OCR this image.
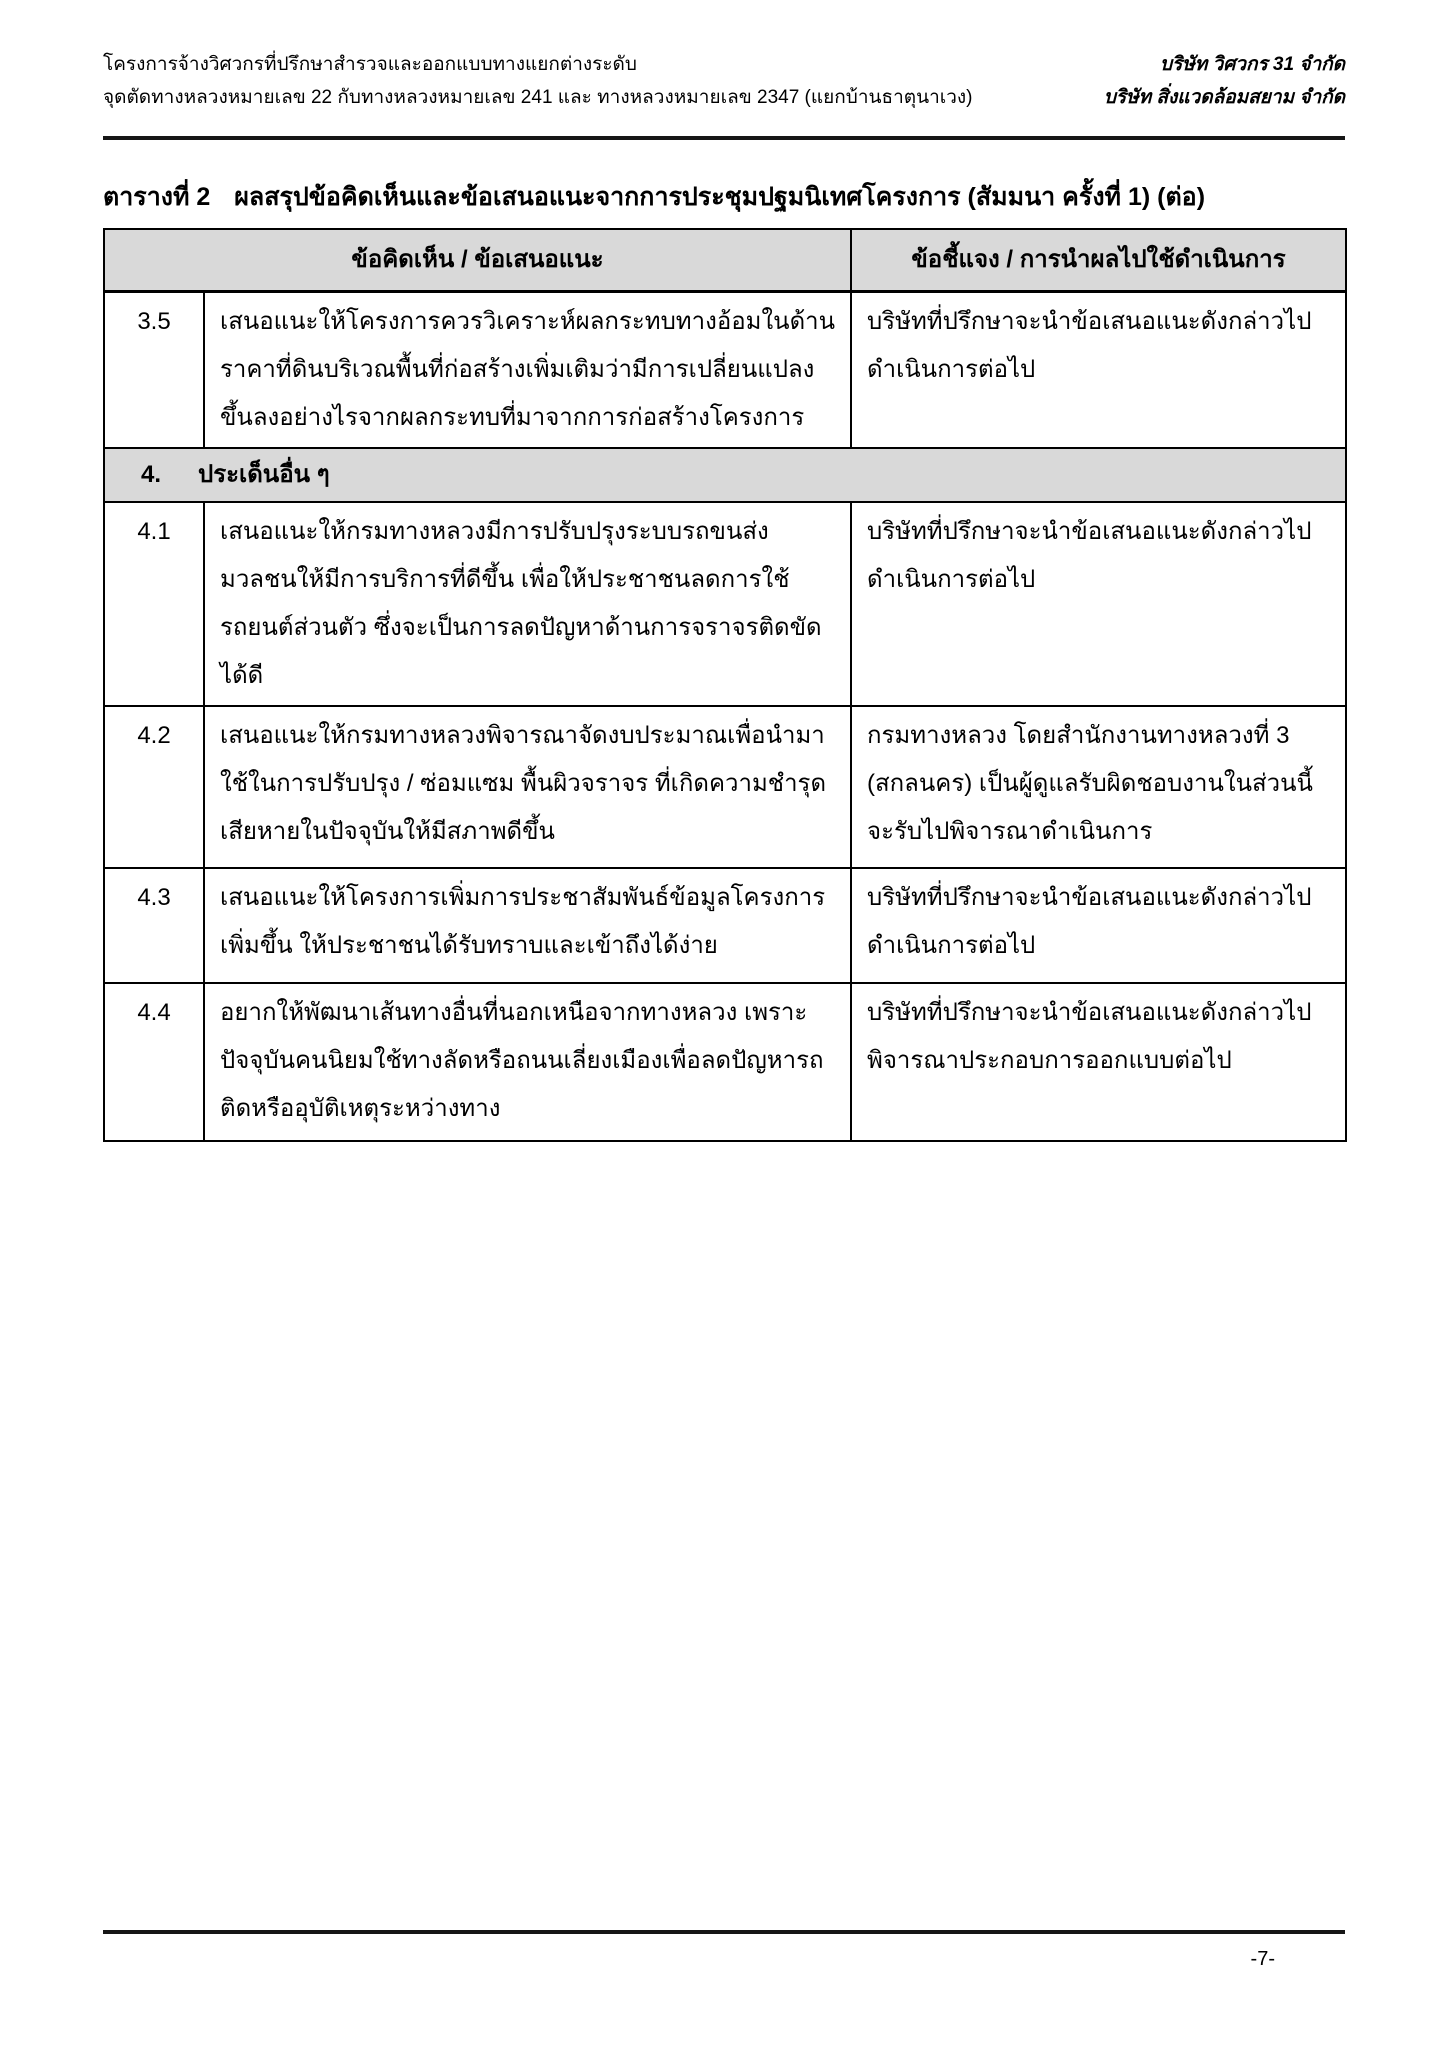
โครงการจ้างวิศวกรที่ปรึกษาสำรวจและออกแบบทางแยกต่างระดับ
จุดตัดทางหลวงหมายเลข 22 กับทางหลวงหมายเลข 241 และ ทางหลวงหมายเลข 2347 (แยกบ้านธาตุนาเวง)
บริษัท วิศวกร 31 จำกัด
บริษัท สิ่งแวดล้อมสยาม จำกัด
ตารางที่ 2 ผลสรุปข้อคิดเห็นและข้อเสนอแนะจากการประชุมปฐมนิเทศโครงการ (สัมมนา ครั้งที่ 1) (ต่อ)
ข้อคิดเห็น / ข้อเสนอแนะ		ข้อชี้แจง / การนำผลไปใช้ดำเนินการ
3.5	เสนอแนะให้โครงการควรวิเคราะห์ผลกระทบทางอ้อมในด้านราคาที่ดินบริเวณพื้นที่ก่อสร้างเพิ่มเติมว่ามีการเปลี่ยนแปลงขึ้นลงอย่างไรจากผลกระทบที่มาจากการก่อสร้างโครงการ	บริษัทที่ปรึกษาจะนำข้อเสนอแนะดังกล่าวไปดำเนินการต่อไป
4. ประเด็นอื่น ๆ		
4.1	เสนอแนะให้กรมทางหลวงมีการปรับปรุงระบบรถขนส่งมวลชนให้มีการบริการที่ดีขึ้น เพื่อให้ประชาชนลดการใช้รถยนต์ส่วนตัว ซึ่งจะเป็นการลดปัญหาด้านการจราจรติดขัดได้ดี	บริษัทที่ปรึกษาจะนำข้อเสนอแนะดังกล่าวไปดำเนินการต่อไป
4.2	เสนอแนะให้กรมทางหลวงพิจารณาจัดงบประมาณเพื่อนำมาใช้ในการปรับปรุง / ซ่อมแซม พื้นผิวจราจร ที่เกิดความชำรุดเสียหายในปัจจุบันให้มีสภาพดีขึ้น	กรมทางหลวง โดยสำนักงานทางหลวงที่ 3 (สกลนคร) เป็นผู้ดูแลรับผิดชอบงานในส่วนนี้จะรับไปพิจารณาดำเนินการ
4.3	เสนอแนะให้โครงการเพิ่มการประชาสัมพันธ์ข้อมูลโครงการเพิ่มขึ้น ให้ประชาชนได้รับทราบและเข้าถึงได้ง่าย	บริษัทที่ปรึกษาจะนำข้อเสนอแนะดังกล่าวไปดำเนินการต่อไป
4.4	อยากให้พัฒนาเส้นทางอื่นที่นอกเหนือจากทางหลวง เพราะปัจจุบันคนนิยมใช้ทางลัดหรือถนนเลี่ยงเมืองเพื่อลดปัญหารถติดหรืออุบัติเหตุระหว่างทาง	บริษัทที่ปรึกษาจะนำข้อเสนอแนะดังกล่าวไปพิจารณาประกอบการออกแบบต่อไป
-7-
